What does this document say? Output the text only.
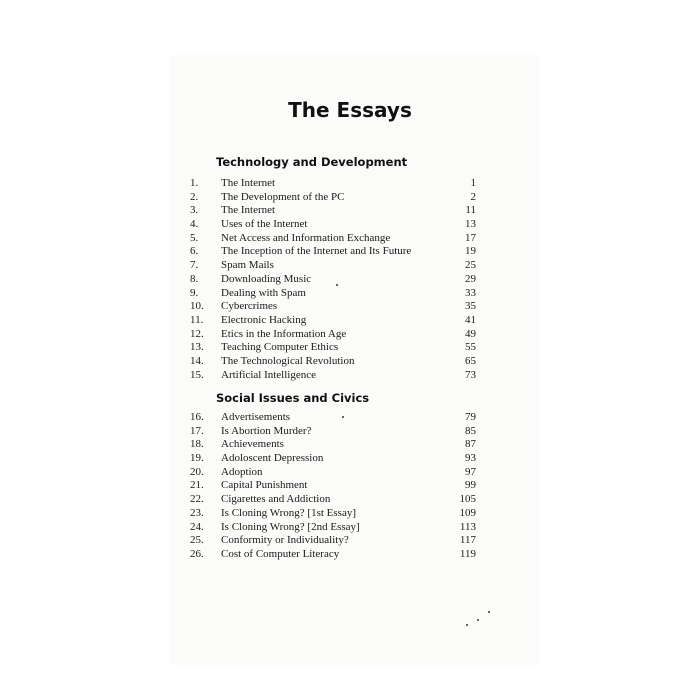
The Essays
Technology and Development
1.	The Internet	1
2.	The Development of the PC	2
3.	The Internet	11
4.	Uses of the Internet	13
5.	Net Access and Information Exchange	17
6.	The Inception of the Internet and Its Future	19
7.	Spam Mails	25
8.	Downloading Music	29
9.	Dealing with Spam	33
10.	Cybercrimes	35
11.	Electronic Hacking	41
12.	Etics in the Information Age	49
13.	Teaching Computer Ethics	55
14.	The Technological Revolution	65
15.	Artificial Intelligence	73
Social Issues and Civics
16.	Advertisements	79
17.	Is Abortion Murder?	85
18.	Achievements	87
19.	Adoloscent Depression	93
20.	Adoption	97
21.	Capital Punishment	99
22.	Cigarettes and Addiction	105
23.	Is Cloning Wrong? [1st Essay]	109
24.	Is Cloning Wrong? [2nd Essay]	113
25.	Conformity or Individuality?	117
26.	Cost of Computer Literacy	119
